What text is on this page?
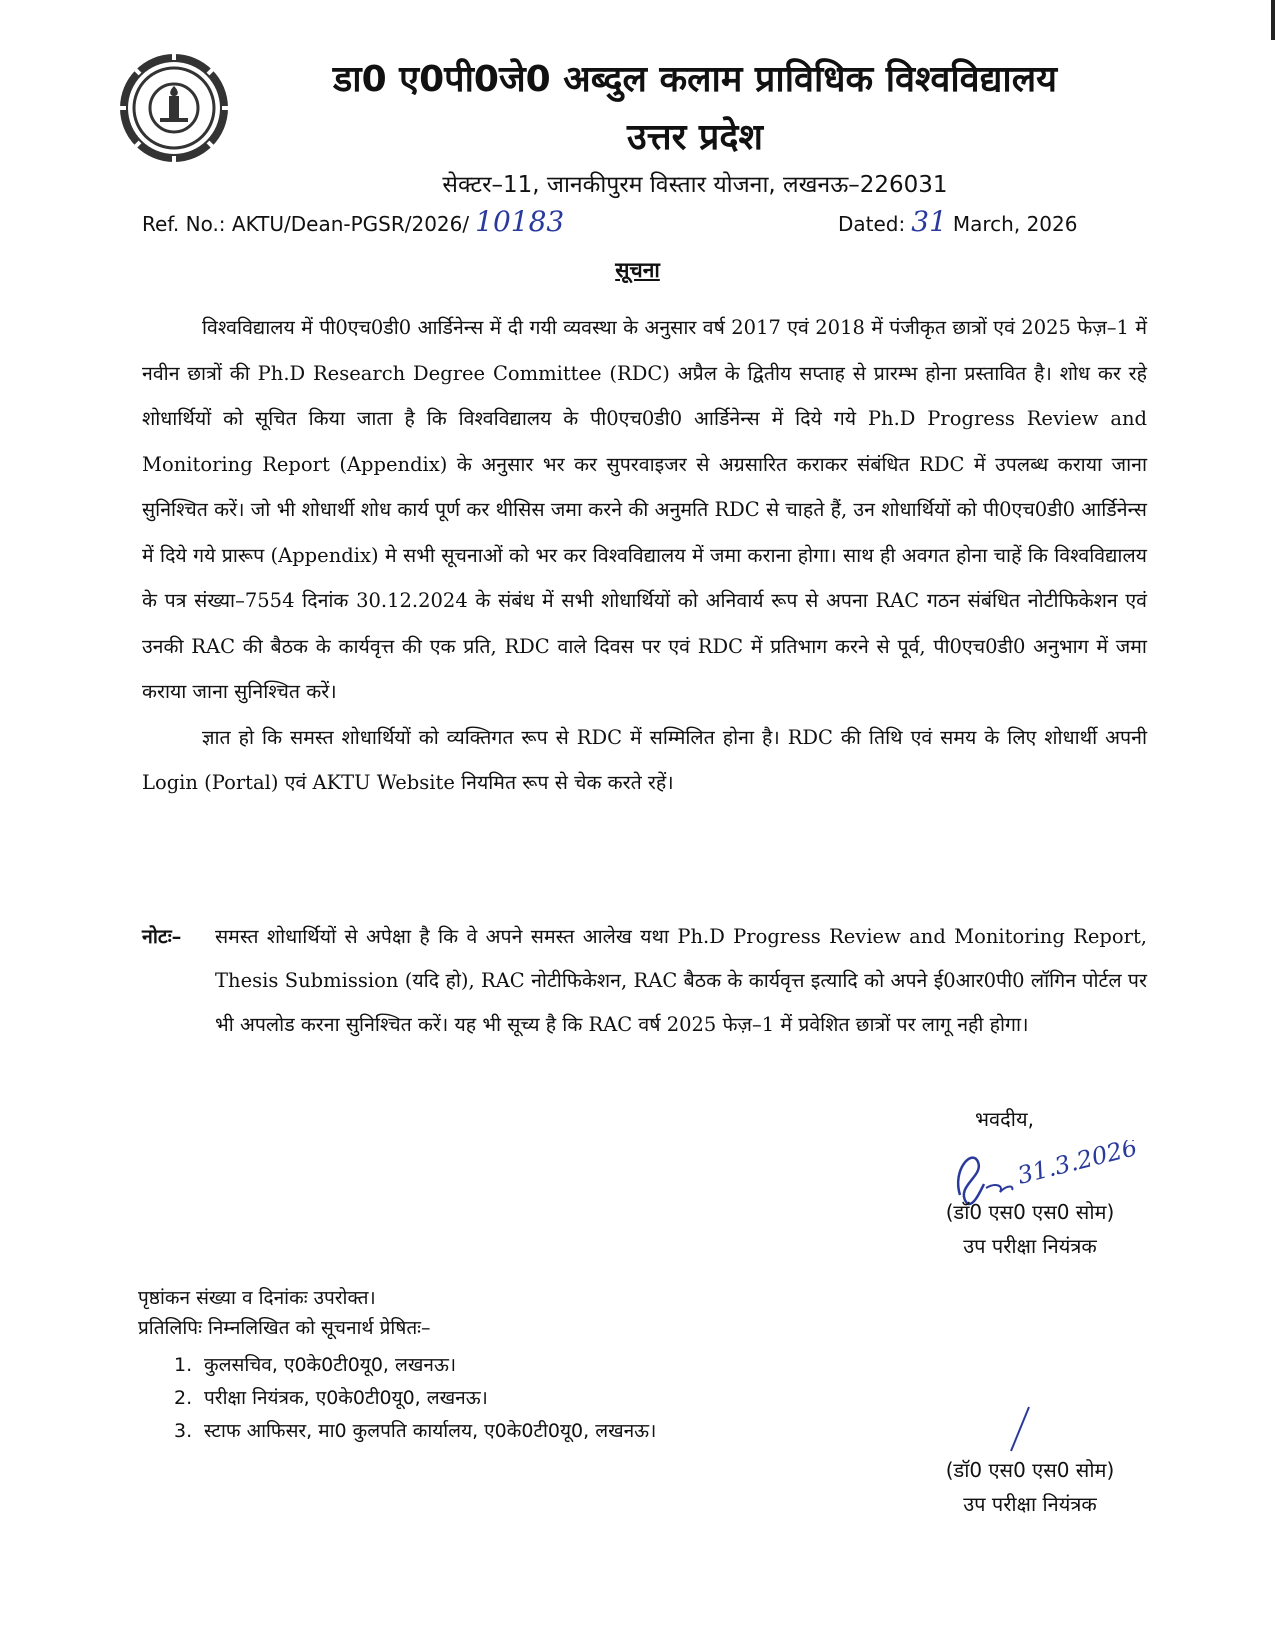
डा0 ए0पी0जे0 अब्दुल कलाम प्राविधिक विश्वविद्यालय
उत्तर प्रदेश
सेक्टर–11, जानकीपुरम विस्तार योजना, लखनऊ–226031
Ref. No.: AKTU/Dean-PGSR/2026/ 10183	Dated: 31 March, 2026
सूचना

विश्वविद्यालय में पी0एच0डी0 आर्डिनेन्स में दी गयी व्यवस्था के अनुसार वर्ष 2017 एवं 2018 में पंजीकृत छात्रों एवं 2025 फेज़–1 में नवीन छात्रों की Ph.D Research Degree Committee (RDC) अप्रैल के द्वितीय सप्ताह से प्रारम्भ होना प्रस्तावित है। शोध कर रहे शोधार्थियों को सूचित किया जाता है कि विश्वविद्यालय के पी0एच0डी0 आर्डिनेन्स में दिये गये Ph.D Progress Review and Monitoring Report (Appendix) के अनुसार भर कर सुपरवाइजर से अग्रसारित कराकर संबंधित RDC में उपलब्ध कराया जाना सुनिश्चित करें। जो भी शोधार्थी शोध कार्य पूर्ण कर थीसिस जमा करने की अनुमति RDC से चाहते हैं, उन शोधार्थियों को पी0एच0डी0 आर्डिनेन्स में दिये गये प्रारूप (Appendix) मे सभी सूचनाओं को भर कर विश्वविद्यालय में जमा कराना होगा। साथ ही अवगत होना चाहें कि विश्वविद्यालय के पत्र संख्या–7554 दिनांक 30.12.2024 के संबंध में सभी शोधार्थियों को अनिवार्य रूप से अपना RAC गठन संबंधित नोटीफिकेशन एवं उनकी RAC की बैठक के कार्यवृत्त की एक प्रति, RDC वाले दिवस पर एवं RDC में प्रतिभाग करने से पूर्व, पी0एच0डी0 अनुभाग में जमा कराया जाना सुनिश्चित करें।

ज्ञात हो कि समस्त शोधार्थियों को व्यक्तिगत रूप से RDC में सम्मिलित होना है। RDC की तिथि एवं समय के लिए शोधार्थी अपनी Login (Portal) एवं AKTU Website नियमित रूप से चेक करते रहें।

नोटः– समस्त शोधार्थियों से अपेक्षा है कि वे अपने समस्त आलेख यथा Ph.D Progress Review and Monitoring Report, Thesis Submission (यदि हो), RAC नोटीफिकेशन, RAC बैठक के कार्यवृत्त इत्यादि को अपने ई0आर0पी0 लॉगिन पोर्टल पर भी अपलोड करना सुनिश्चित करें। यह भी सूच्य है कि RAC वर्ष 2025 फेज़–1 में प्रवेशित छात्रों पर लागू नही होगा।
भवदीय,
31.3.2026
(डॉ0 एस0 एस0 सोम)
उप परीक्षा नियंत्रक
पृष्ठांकन संख्या व दिनांकः उपरोक्त।
प्रतिलिपिः निम्नलिखित को सूचनार्थ प्रेषितः–
1. कुलसचिव, ए0के0टी0यू0, लखनऊ।
2. परीक्षा नियंत्रक, ए0के0टी0यू0, लखनऊ।
3. स्टाफ आफिसर, मा0 कुलपति कार्यालय, ए0के0टी0यू0, लखनऊ।
(डॉ0 एस0 एस0 सोम)
उप परीक्षा नियंत्रक
